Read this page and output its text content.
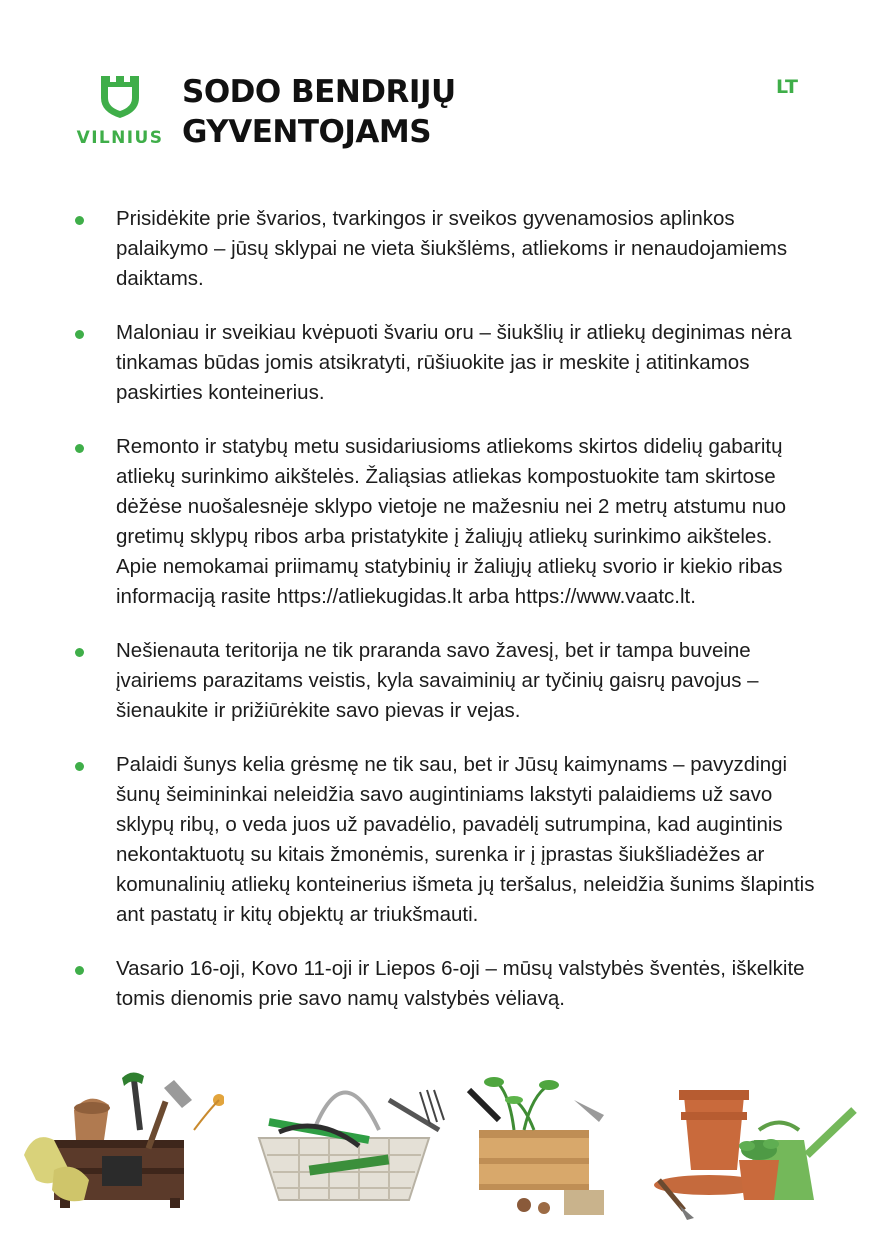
VILNIUS
SODO BENDRIJŲ
GYVENTOJAMS
LT
Prisidėkite prie švarios, tvarkingos ir sveikos gyvenamosios aplinkos palaikymo – jūsų sklypai ne vieta šiukšlėms, atliekoms ir nenaudojamiems daiktams.
Maloniau ir sveikiau kvėpuoti švariu oru – šiukšlių ir atliekų deginimas nėra tinkamas būdas jomis atsikratyti, rūšiuokite jas ir meskite į atitinkamos paskirties konteinerius.
Remonto ir statybų metu susidariusioms atliekoms skirtos didelių gabaritų atliekų surinkimo aikštelės. Žaliąsias atliekas kompostuokite tam skirtose dėžėse nuošalesnėje sklypo vietoje ne mažesniu nei 2 metrų atstumu nuo gretimų sklypų ribos arba pristatykite į žaliųjų atliekų surinkimo aikšteles. Apie nemokamai priimamų statybinių ir žaliųjų atliekų svorio ir kiekio ribas informaciją rasite https://atliekugidas.lt arba https://www.vaatc.lt.
Nešienauta teritorija ne tik praranda savo žavesį, bet ir tampa buveine įvairiems parazitams veistis, kyla savaiminių ar tyčinių gaisrų pavojus – šienaukite ir prižiūrėkite savo pievas ir vejas.
Palaidi šunys kelia grėsmę ne tik sau, bet ir Jūsų kaimynams – pavyzdingi šunų šeimininkai neleidžia savo augintiniams lakstyti palaidiems už savo sklypų ribų, o veda juos už pavadėlio, pavadėlį sutrumpina, kad augintinis nekontaktuotų su kitais žmonėmis, surenka ir į įprastas šiukšliadėžes ar komunalinių atliekų konteinerius išmeta jų teršalus, neleidžia šunims šlapintis ant pastatų ir kitų objektų ar triukšmauti.
Vasario 16-oji, Kovo 11-oji ir Liepos 6-oji – mūsų valstybės šventės, iškelkite tomis dienomis prie savo namų valstybės vėliavą.
